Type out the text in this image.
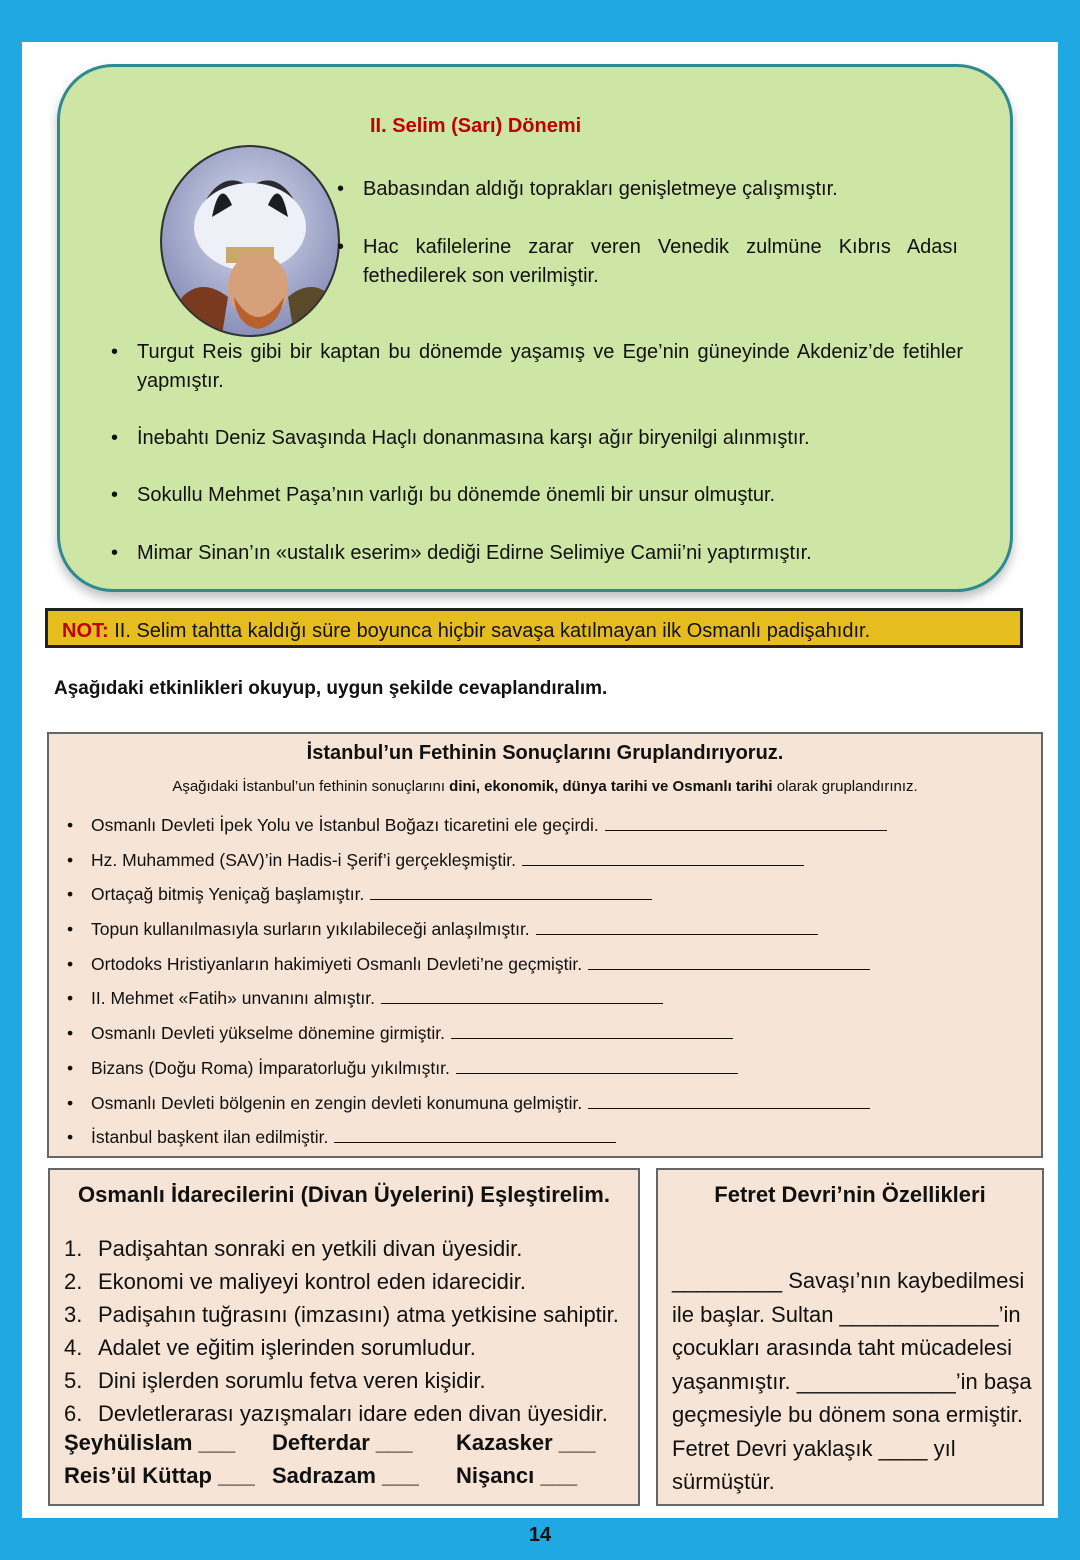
II. Selim (Sarı) Dönemi
• Babasından aldığı toprakları genişletmeye çalışmıştır.
• Hac kafilelerine zarar veren Venedik zulmüne Kıbrıs Adası fethedilerek son verilmiştir.
• Turgut Reis gibi bir kaptan bu dönemde yaşamış ve Ege’nin güneyinde Akdeniz’de fetihler yapmıştır.
• İnebahtı Deniz Savaşında Haçlı donanmasına karşı ağır biryenilgi alınmıştır.
• Sokullu Mehmet Paşa’nın varlığı bu dönemde önemli bir unsur olmuştur.
• Mimar Sinan’ın «ustalık eserim» dediği Edirne Selimiye Camii’ni yaptırmıştır.
NOT: II. Selim tahtta kaldığı süre boyunca hiçbir savaşa katılmayan ilk Osmanlı padişahıdır.
Aşağıdaki etkinlikleri okuyup, uygun şekilde cevaplandıralım.
İstanbul’un Fethinin Sonuçlarını Gruplandırıyoruz.
Aşağıdaki İstanbul’un fethinin sonuçlarını dini, ekonomik, dünya tarihi ve Osmanlı tarihi olarak gruplandırınız.
• Osmanlı Devleti İpek Yolu ve İstanbul Boğazı ticaretini ele geçirdi.
• Hz. Muhammed (SAV)’in Hadis-i Şerif’i gerçekleşmiştir.
• Ortaçağ bitmiş Yeniçağ başlamıştır.
• Topun kullanılmasıyla surların yıkılabileceği anlaşılmıştır.
• Ortodoks Hristiyanların hakimiyeti Osmanlı Devleti’ne geçmiştir.
• II. Mehmet «Fatih» unvanını almıştır.
• Osmanlı Devleti yükselme dönemine girmiştir.
• Bizans (Doğu Roma) İmparatorluğu yıkılmıştır.
• Osmanlı Devleti bölgenin en zengin devleti konumuna gelmiştir.
• İstanbul başkent ilan edilmiştir.
Osmanlı İdarecilerini (Divan Üyelerini) Eşleştirelim.
1. Padişahtan sonraki en yetkili divan üyesidir.
2. Ekonomi ve maliyeyi kontrol eden idarecidir.
3. Padişahın tuğrasını (imzasını) atma yetkisine sahiptir.
4. Adalet ve eğitim işlerinden sorumludur.
5. Dini işlerden sorumlu fetva veren kişidir.
6. Devletlerarası yazışmaları idare eden divan üyesidir.
Şeyhülislam ___ Defterdar ___ Kazasker ___
Reis’ül Küttap ___ Sadrazam ___ Nişancı ___
Fetret Devri’nin Özellikleri
_________ Savaşı’nın kaybedilmesi ile başlar. Sultan _____________’in çocukları arasında taht mücadelesi yaşanmıştır. _____________’in başa geçmesiyle bu dönem sona ermiştir. Fetret Devri yaklaşık ____ yıl sürmüştür.
14
